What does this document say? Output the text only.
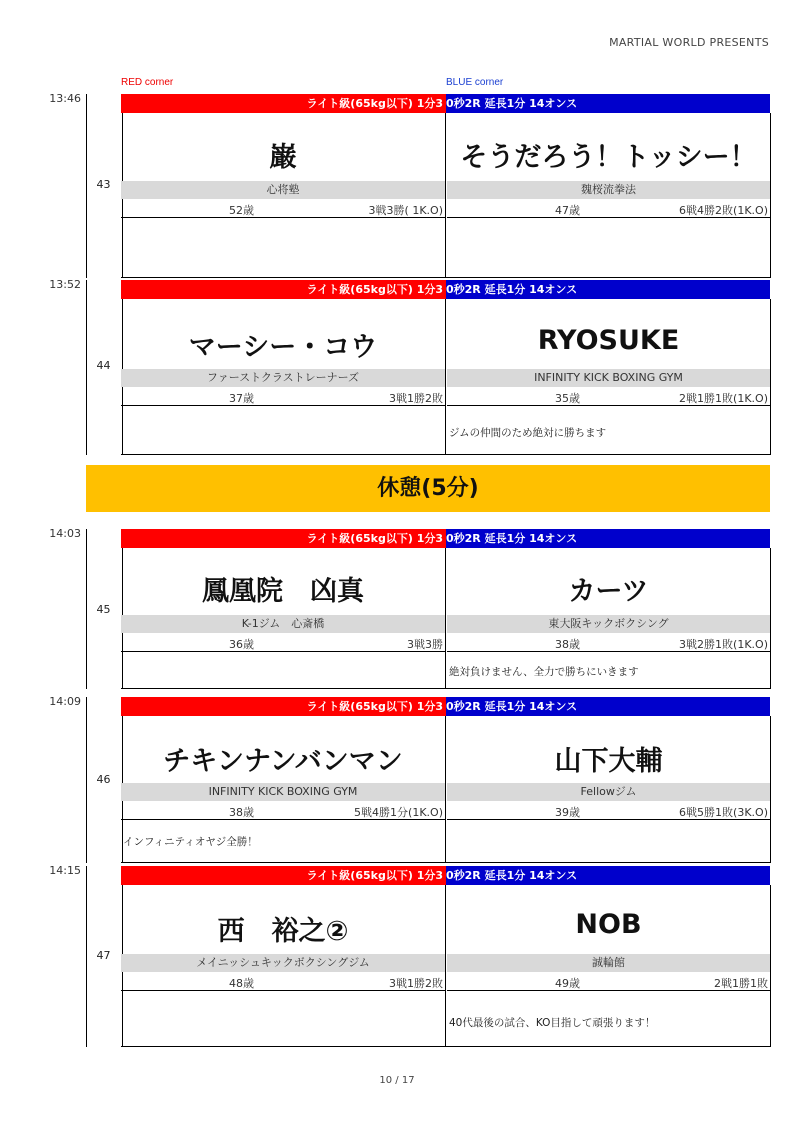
MARTIAL WORLD PRESENTS
RED corner	BLUE corner
13:46
43
ライト級(65kg以下) 1分3 0秒2R 延長1分 14オンス
巌
心将塾
52歳	3戦3勝( 1K.O)
そうだろう！トッシー！
魏桜流拳法
47歳	6戦4勝2敗(1K.O)
13:52
44
ライト級(65kg以下) 1分3 0秒2R 延長1分 14オンス
マーシー・コウ
ファーストクラストレーナーズ
37歳	3戦1勝2敗
RYOSUKE
INFINITY KICK BOXING GYM
35歳	2戦1勝1敗(1K.O)
ジムの仲間のため絶対に勝ちます
休憩(5分)
14:03
45
ライト級(65kg以下) 1分3 0秒2R 延長1分 14オンス
鳳凰院　凶真
K-1ジム　心斎橋
36歳	3戦3勝
カーツ
東大阪キックボクシング
38歳	3戦2勝1敗(1K.O)
絶対負けません、全力で勝ちにいきます
14:09
46
ライト級(65kg以下) 1分3 0秒2R 延長1分 14オンス
チキンナンバンマン
INFINITY KICK BOXING GYM
38歳	5戦4勝1分(1K.O)
インフィニティオヤジ全勝！
山下大輔
Fellowジム
39歳	6戦5勝1敗(3K.O)
14:15
47
ライト級(65kg以下) 1分3 0秒2R 延長1分 14オンス
西　裕之②
メイニッシュキックボクシングジム
48歳	3戦1勝2敗
NOB
誠輪館
49歳	2戦1勝1敗
40代最後の試合、KO目指して頑張ります！
10 / 17
